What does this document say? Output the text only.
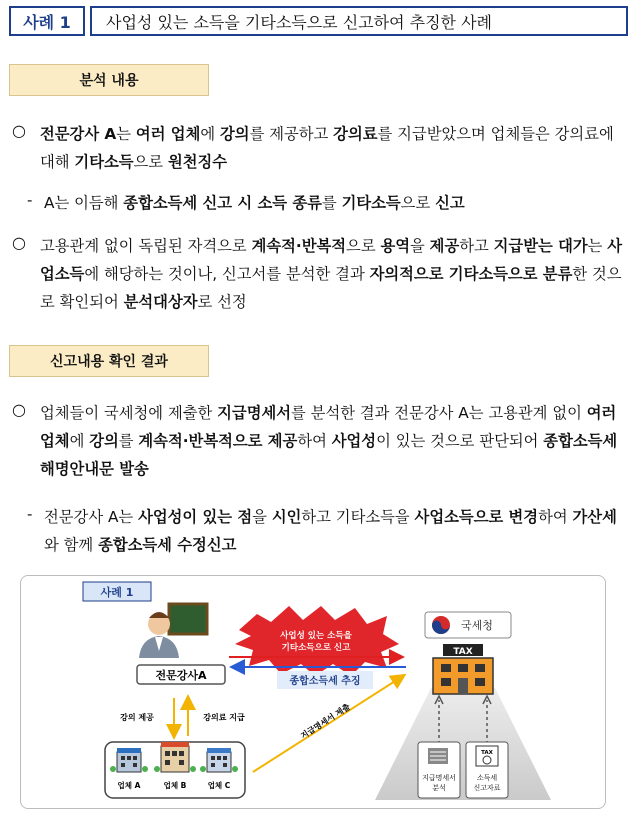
사례 1 사업성 있는 소득을 기타소득으로 신고하여 추징한 사례
분석 내용
○ 전문강사 A는 여러 업체에 강의를 제공하고 강의료를 지급받았으며 업체들은 강의료에 대해 기타소득으로 원천징수
- A는 이듬해 종합소득세 신고 시 소득 종류를 기타소득으로 신고
○ 고용관계 없이 독립된 자격으로 계속적·반복적으로 용역을 제공하고 지급받는 대가는 사업소득에 해당하는 것이나, 신고서를 분석한 결과 자의적으로 기타소득으로 분류한 것으로 확인되어 분석대상자로 선정
신고내용 확인 결과
○ 업체들이 국세청에 제출한 지급명세서를 분석한 결과 전문강사 A는 고용관계 없이 여러 업체에 강의를 계속적·반복적으로 제공하여 사업성이 있는 것으로 판단되어 종합소득세 해명안내문 발송
- 전문강사 A는 사업성이 있는 점을 시인하고 기타소득을 사업소득으로 변경하여 가산세와 함께 종합소득세 수정신고
사례 1
전문강사A
사업성 있는 소득을
기타소득으로 신고
종합소득세 추징
국세청
TAX
지급명세서
분석
TAX
소득세
신고자료
강의 제공	강의료 지급	지급명세서 제출
업체 A	업체 B	업체 C
